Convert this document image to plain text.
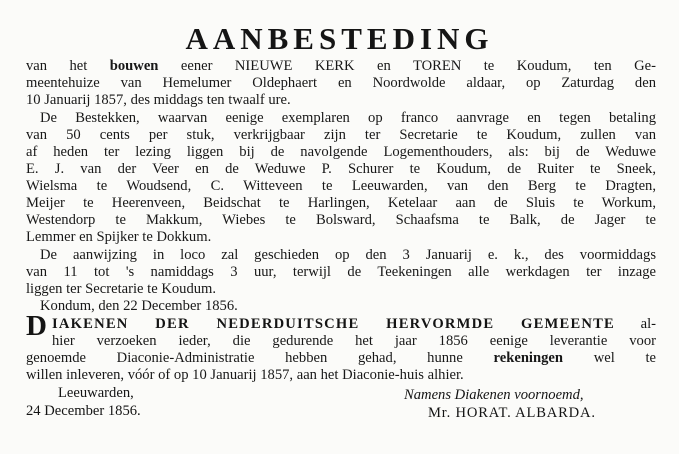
AANBESTEDING
van het bouwen eener NIEUWE KERK en TOREN te Koudum, ten Ge-
meentehuize van Hemelumer Oldephaert en Noordwolde aldaar, op Zaturdag den
10 Januarij 1857, des middags ten twaalf ure.
De Bestekken, waarvan eenige exemplaren op franco aanvrage en tegen betaling
van 50 cents per stuk, verkrijgbaar zijn ter Secretarie te Koudum, zullen van
af heden ter lezing liggen bij de navolgende Logementhouders, als: bij de Weduwe
E. J. van der Veer en de Weduwe P. Schurer te Koudum, de Ruiter te Sneek,
Wielsma te Woudsend, C. Witteveen te Leeuwarden, van den Berg te Dragten,
Meijer te Heerenveen, Beidschat te Harlingen, Ketelaar aan de Sluis te Workum,
Westendorp te Makkum, Wiebes te Bolsward, Schaafsma te Balk, de Jager te
Lemmer en Spijker te Dokkum.
De aanwijzing in loco zal geschieden op den 3 Januarij e. k., des voormiddags
van 11 tot 's namiddags 3 uur, terwijl de Teekeningen alle werkdagen ter inzage
liggen ter Secretarie te Koudum.
Kondum, den 22 December 1856.
D IAKENEN DER NEDERDUITSCHE HERVORMDE GEMEENTE al-
hier verzoeken ieder, die gedurende het jaar 1856 eenige leverantie voor
genoemde Diaconie-Administratie hebben gehad, hunne rekeningen wel te
willen inleveren, vóór of op 10 Januarij 1857, aan het Diaconie-huis alhier.
Leeuwarden,
24 December 1856.
Namens Diakenen voornoemd,
Mr. HORAT. ALBARDA.
